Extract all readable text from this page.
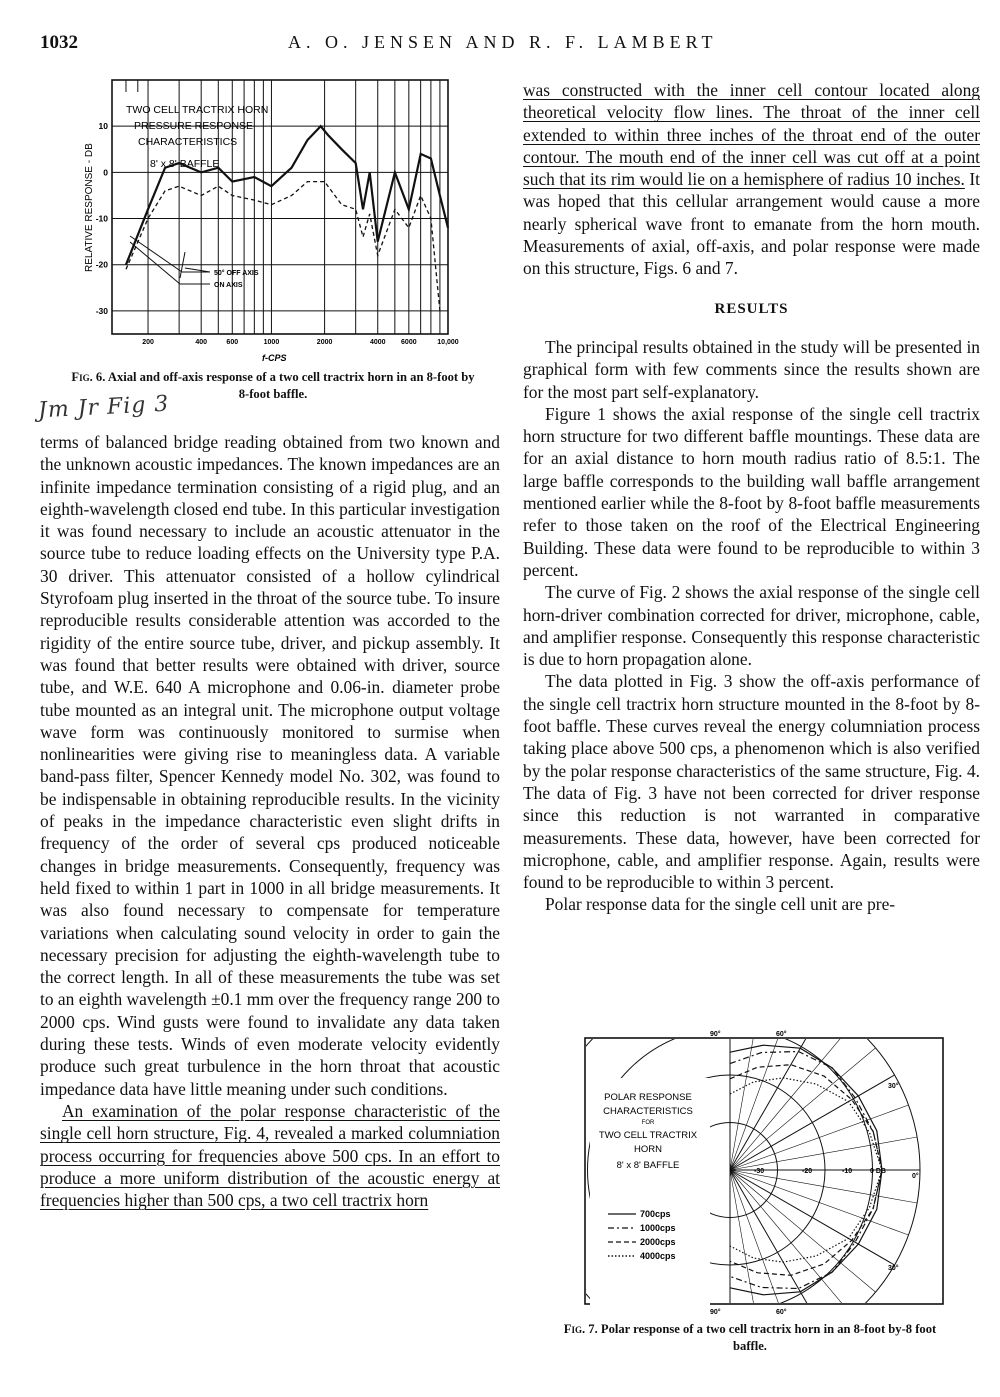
1032	A. O. JENSEN AND R. F. LAMBERT
TWO CELL TRACTRIX HORN
PRESSURE RESPONSE
CHARACTERISTICS
8' x 8' BAFFLE
RELATIVE RESPONSE - DB
10
0
-10
-20
-30
200	400	600	1000	2000	4000 6000	10,000
f-CPS
50° OFF AXIS
ON AXIS
Fig. 6. Axial and off-axis response of a two cell tractrix horn in an 8-foot by 8-foot baffle.
Jm Jr Fig 3

terms of balanced bridge reading obtained from two known and the unknown acoustic impedances. The known impedances are an infinite impedance termination consisting of a rigid plug, and an eighth-wavelength closed end tube. In this particular investigation it was found necessary to include an acoustic attenuator in the source tube to reduce loading effects on the University type P.A. 30 driver. This attenuator consisted of a hollow cylindrical Styrofoam plug inserted in the throat of the source tube. To insure reproducible results considerable attention was accorded to the rigidity of the entire source tube, driver, and pickup assembly. It was found that better results were obtained with driver, source tube, and W.E. 640 A microphone and 0.06-in. diameter probe tube mounted as an integral unit. The microphone output voltage wave form was continuously monitored to surmise when nonlinearities were giving rise to meaningless data. A variable band-pass filter, Spencer Kennedy model No. 302, was found to be indispensable in obtaining reproducible results. In the vicinity of peaks in the impedance characteristic even slight drifts in frequency of the order of several cps produced noticeable changes in bridge measurements. Consequently, frequency was held fixed to within 1 part in 1000 in all bridge measurements. It was also found necessary to compensate for temperature variations when calculating sound velocity in order to gain the necessary precision for adjusting the eighth-wavelength tube to the correct length. In all of these measurements the tube was set to an eighth wavelength ±0.1 mm over the frequency range 200 to 2000 cps. Wind gusts were found to invalidate any data taken during these tests. Winds of even moderate velocity evidently produce such great turbulence in the horn throat that acoustic impedance data have little meaning under such conditions.

An examination of the polar response characteristic of the single cell horn structure, Fig. 4, revealed a marked columniation process occurring for frequencies above 500 cps. In an effort to produce a more uniform distribution of the acoustic energy at frequencies higher than 500 cps, a two cell tractrix horn

was constructed with the inner cell contour located along theoretical velocity flow lines. The throat of the inner cell extended to within three inches of the throat end of the outer contour. The mouth end of the inner cell was cut off at a point such that its rim would lie on a hemisphere of radius 10 inches. It was hoped that this cellular arrangement would cause a more nearly spherical wave front to emanate from the horn mouth. Measurements of axial, off-axis, and polar response were made on this structure, Figs. 6 and 7.

RESULTS

The principal results obtained in the study will be presented in graphical form with few comments since the results shown are for the most part self-explanatory.

Figure 1 shows the axial response of the single cell tractrix horn structure for two different baffle mountings. These data are for an axial distance to horn mouth radius ratio of 8.5:1. The large baffle corresponds to the building wall baffle arrangement mentioned earlier while the 8-foot by 8-foot baffle measurements refer to those taken on the roof of the Electrical Engineering Building. These data were found to be reproducible to within 3 percent.

The curve of Fig. 2 shows the axial response of the single cell horn-driver combination corrected for driver, microphone, cable, and amplifier response. Consequently this response characteristic is due to horn propagation alone.

The data plotted in Fig. 3 show the off-axis performance of the single cell tractrix horn structure mounted in the 8-foot by 8-foot baffle. These curves reveal the energy columniation process taking place above 500 cps, a phenomenon which is also verified by the polar response characteristics of the same structure, Fig. 4. The data of Fig. 3 have not been corrected for driver response since this reduction is not warranted in comparative measurements. These data, however, have been corrected for microphone, cable, and amplifier response. Again, results were found to be reproducible to within 3 percent.

Polar response data for the single cell unit are pre-

90°	60°
30°
0°
30°
60°
90°
-30	-20	-10	0 DB
POLAR RESPONSE
CHARACTERISTICS
FOR
TWO CELL TRACTRIX
HORN
8' x 8' BAFFLE
700cps
1000cps
2000cps
4000cps
Fig. 7. Polar response of a two cell tractrix horn in an 8-foot by-8 foot baffle.
